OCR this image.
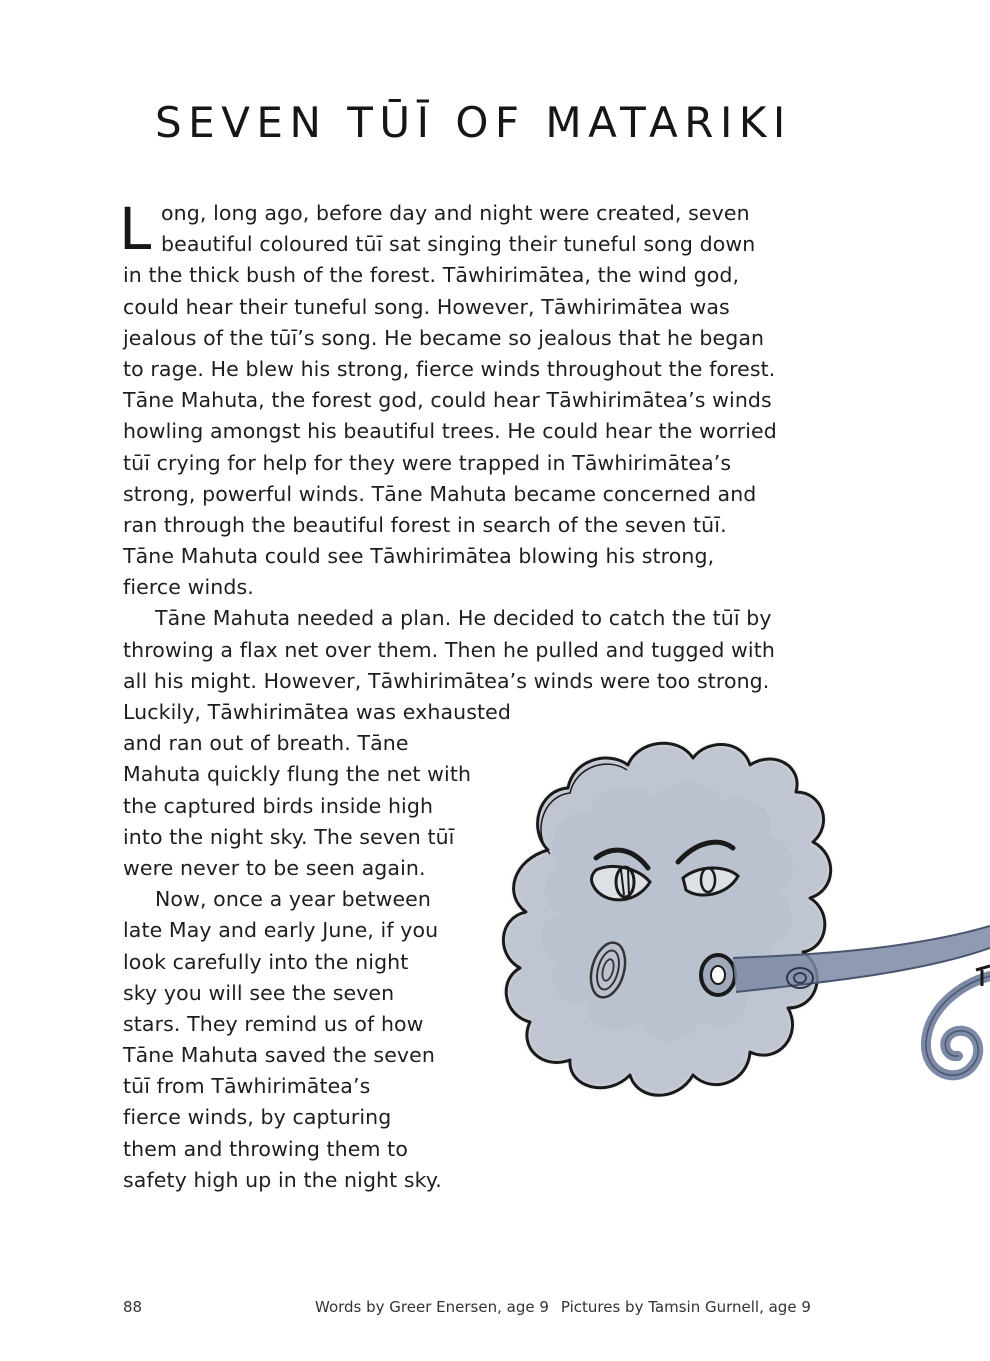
SEVEN TŪĪ OF MATARIKI
L ong, long ago, before day and night were created, seven
beautiful coloured tūī sat singing their tuneful song down
in the thick bush of the forest. Tāwhirimātea, the wind god,
could hear their tuneful song. However, Tāwhirimātea was
jealous of the tūī’s song. He became so jealous that he began
to rage. He blew his strong, fierce winds throughout the forest.
Tāne Mahuta, the forest god, could hear Tāwhirimātea’s winds
howling amongst his beautiful trees. He could hear the worried
tūī crying for help for they were trapped in Tāwhirimātea’s
strong, powerful winds. Tāne Mahuta became concerned and
ran through the beautiful forest in search of the seven tūī.
Tāne Mahuta could see Tāwhirimātea blowing his strong,
fierce winds.
Tāne Mahuta needed a plan. He decided to catch the tūī by
throwing a flax net over them. Then he pulled and tugged with
all his might. However, Tāwhirimātea’s winds were too strong.
Luckily, Tāwhirimātea was exhausted
and ran out of breath. Tāne
Mahuta quickly flung the net with
the captured birds inside high
into the night sky. The seven tūī
were never to be seen again.
Now, once a year between
late May and early June, if you
look carefully into the night
sky you will see the seven
stars. They remind us of how
Tāne Mahuta saved the seven
tūī from Tāwhirimātea’s
fierce winds, by capturing
them and throwing them to
safety high up in the night sky.
88	Words by Greer Enersen, age 9 Pictures by Tamsin Gurnell, age 9
